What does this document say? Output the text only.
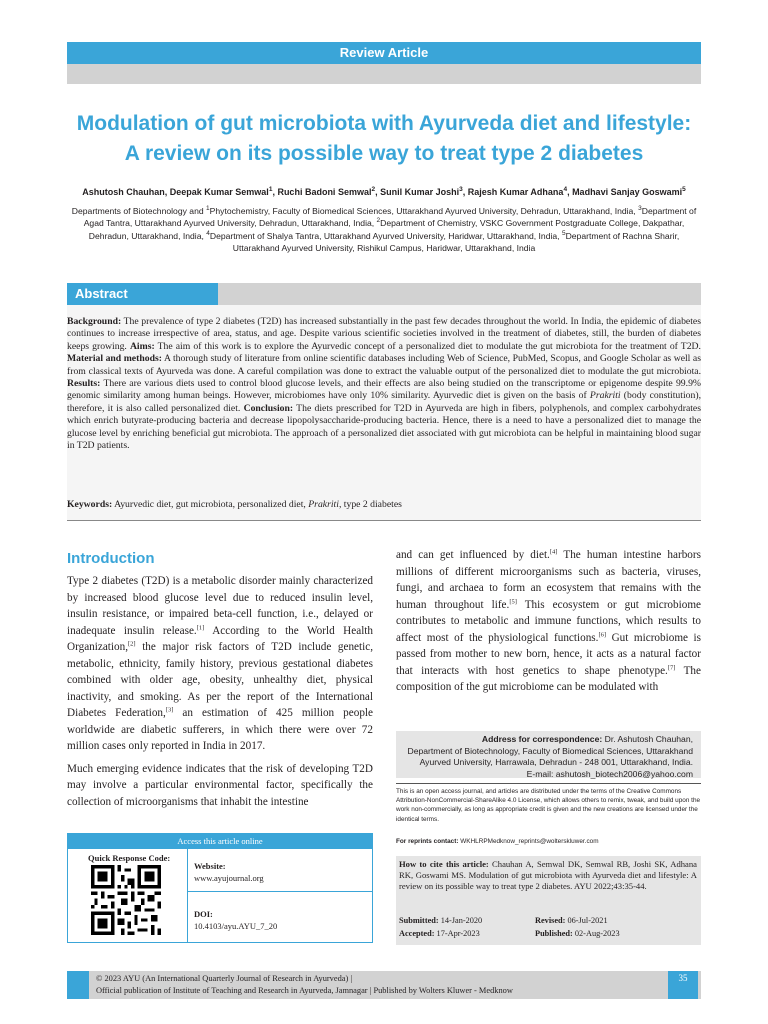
Review Article
Modulation of gut microbiota with Ayurveda diet and lifestyle:
A review on its possible way to treat type 2 diabetes
Ashutosh Chauhan, Deepak Kumar Semwal$^1$, Ruchi Badoni Semwal$^2$, Sunil Kumar Joshi$^3$, Rajesh Kumar Adhana$^4$, Madhavi Sanjay Goswami$^5$
Departments of Biotechnology and $^1$Phytochemistry, Faculty of Biomedical Sciences, Uttarakhand Ayurved University, Dehradun, Uttarakhand, India, $^3$Department of Agad Tantra, Uttarakhand Ayurved University, Dehradun, Uttarakhand, India, $^2$Department of Chemistry, VSKC Government Postgraduate College, Dakpathar, Dehradun, Uttarakhand, India, $^4$Department of Shalya Tantra, Uttarakhand Ayurved University, Haridwar, Uttarakhand, India, $^5$Department of Rachna Sharir, Uttarakhand Ayurved University, Rishikul Campus, Haridwar, Uttarakhand, India
Abstract
Background: The prevalence of type 2 diabetes (T2D) has increased substantially in the past few decades throughout the world. In India, the epidemic of diabetes continues to increase irrespective of area, status, and age. Despite various scientific societies involved in the treatment of diabetes, still, the burden of diabetes keeps growing. Aims: The aim of this work is to explore the Ayurvedic concept of a personalized diet to modulate the gut microbiota for the treatment of T2D. Material and methods: A thorough study of literature from online scientific databases including Web of Science, PubMed, Scopus, and Google Scholar as well as from classical texts of Ayurveda was done. A careful compilation was done to extract the valuable output of the personalized diet to modulate the gut microbiota. Results: There are various diets used to control blood glucose levels, and their effects are also being studied on the transcriptome or epigenome despite 99.9% genomic similarity among human beings. However, microbiomes have only 10% similarity. Ayurvedic diet is given on the basis of Prakriti (body constitution), therefore, it is also called personalized diet. Conclusion: The diets prescribed for T2D in Ayurveda are high in fibers, polyphenols, and complex carbohydrates which enrich butyrate-producing bacteria and decrease lipopolysaccharide-producing bacteria. Hence, there is a need to have a personalized diet to manage the glucose level by enriching beneficial gut microbiota. The approach of a personalized diet associated with gut microbiota can be helpful in maintaining blood sugar in T2D patients.
Keywords: Ayurvedic diet, gut microbiota, personalized diet, Prakriti, type 2 diabetes
Introduction

Type 2 diabetes (T2D) is a metabolic disorder mainly characterized by increased blood glucose level due to reduced insulin level, insulin resistance, or impaired beta-cell function, i.e., delayed or inadequate insulin release.[1] According to the World Health Organization,[2] the major risk factors of T2D include genetic, metabolic, ethnicity, family history, previous gestational diabetes combined with older age, obesity, unhealthy diet, physical inactivity, and smoking. As per the report of the International Diabetes Federation,[3] an estimation of 425 million people worldwide are diabetic sufferers, in which there were over 72 million cases only reported in India in 2017.

Much emerging evidence indicates that the risk of developing T2D may involve a particular environmental factor, specifically the collection of microorganisms that inhabit the intestine

and can get influenced by diet.[4] The human intestine harbors millions of different microorganisms such as bacteria, viruses, fungi, and archaea to form an ecosystem that remains with the human throughout life.[5] This ecosystem or gut microbiome contributes to metabolic and immune functions, which results to affect most of the physiological functions.[6] Gut microbiome is passed from mother to new born, hence, it acts as a natural factor that interacts with host genetics to shape phenotype.[7] The composition of the gut microbiome can be modulated with
Access this article online
Quick Response Code:
Website:
www.ayujournal.org
DOI:
10.4103/ayu.AYU_7_20
Address for correspondence: Dr. Ashutosh Chauhan,
Department of Biotechnology, Faculty of Biomedical Sciences, Uttarakhand
Ayurved University, Harrawala, Dehradun - 248 001, Uttarakhand, India.
E-mail: ashutosh_biotech2006@yahoo.com
This is an open access journal, and articles are distributed under the terms of the Creative Commons Attribution-NonCommercial-ShareAlike 4.0 License, which allows others to remix, tweak, and build upon the work non-commercially, as long as appropriate credit is given and the new creations are licensed under the identical terms.
For reprints contact: WKHLRPMedknow_reprints@wolterskluwer.com
How to cite this article: Chauhan A, Semwal DK, Semwal RB, Joshi SK, Adhana RK, Goswami MS. Modulation of gut microbiota with Ayurveda diet and lifestyle: A review on its possible way to treat type 2 diabetes. AYU 2022;43:35-44.
Submitted: 14-Jan-2020	Revised: 06-Jul-2021
Accepted: 17-Apr-2023	Published: 02-Aug-2023
© 2023 AYU (An International Quarterly Journal of Research in Ayurveda) |
Official publication of Institute of Teaching and Research in Ayurveda, Jamnagar | Published by Wolters Kluwer - Medknow
35
